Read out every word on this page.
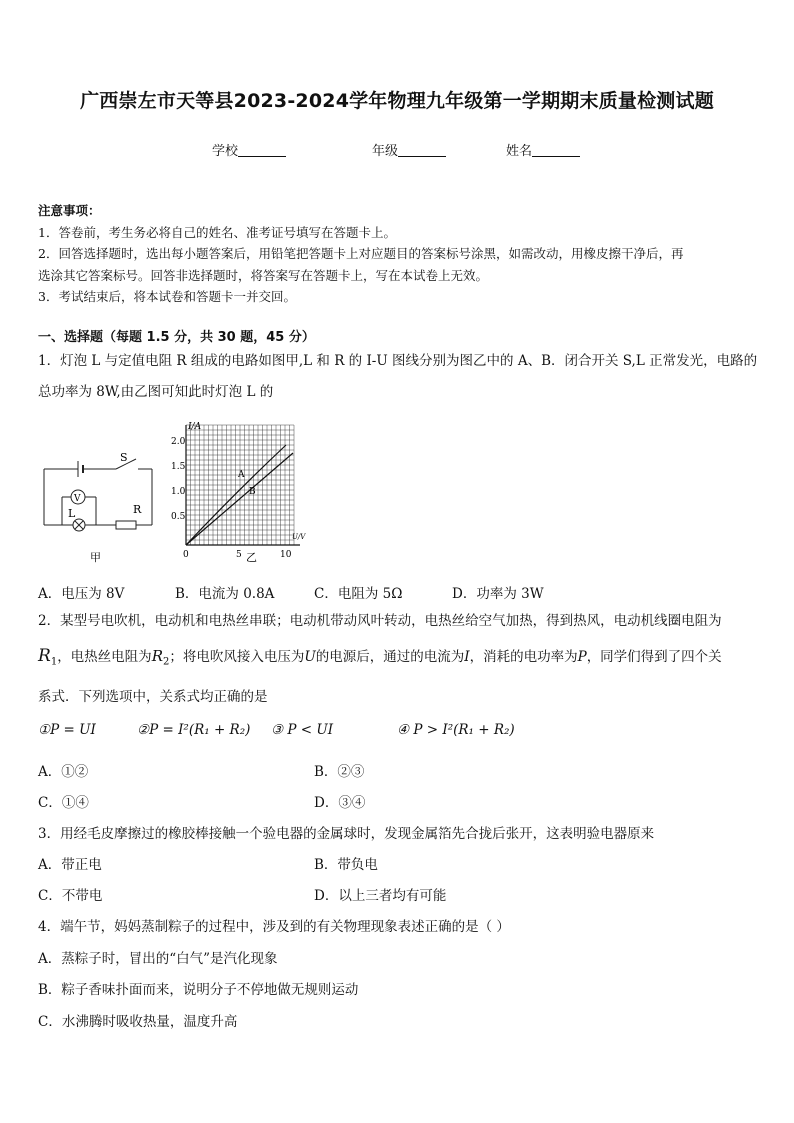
广西崇左市天等县2023-2024学年物理九年级第一学期期末质量检测试题
学校	年级	姓名
注意事项：
1．答卷前，考生务必将自己的姓名、准考证号填写在答题卡上。
2．回答选择题时，选出每小题答案后，用铅笔把答题卡上对应题目的答案标号涂黑，如需改动，用橡皮擦干净后，再
选涂其它答案标号。回答非选择题时，将答案写在答题卡上，写在本试卷上无效。
3．考试结束后，将本试卷和答题卡一并交回。
一、选择题（每题 1.5 分，共 30 题，45 分）
1．灯泡 L 与定值电阻 R 组成的电路如图甲,L 和 R 的 I-U 图线分别为图乙中的 A、B．闭合开关 S,L 正常发光，电路的
总功率为 8W,由乙图可知此时灯泡 L 的
S
V
L	R
甲
I/A
U/V
2.0
1.5
1.0
0.5
0	5	10
A
B
乙
A．电压为 8V	B．电流为 0.8A	C．电阻为 5Ω	D．功率为 3W
2．某型号电吹机，电动机和电热丝串联；电动机带动风叶转动，电热丝给空气加热，得到热风，电动机线圈电阻为
$R_1$，电热丝电阻为$R_2$；将电吹风接入电压为U的电源后，通过的电流为I，消耗的电功率为P，同学们得到了四个关
系式．下列选项中，关系式均正确的是
①P = UI	②P = I²(R₁ + R₂) ③ P < UI	④ P > I²(R₁ + R₂)
A．①②	B．②③
C．①④	D．③④
3．用经毛皮摩擦过的橡胶棒接触一个验电器的金属球时，发现金属箔先合拢后张开，这表明验电器原来
A．带正电	B．带负电
C．不带电	D．以上三者均有可能
4．端午节，妈妈蒸制粽子的过程中，涉及到的有关物理现象表述正确的是（ ）
A．蒸粽子时，冒出的“白气”是汽化现象
B．粽子香味扑面而来，说明分子不停地做无规则运动
C．水沸腾时吸收热量，温度升高
